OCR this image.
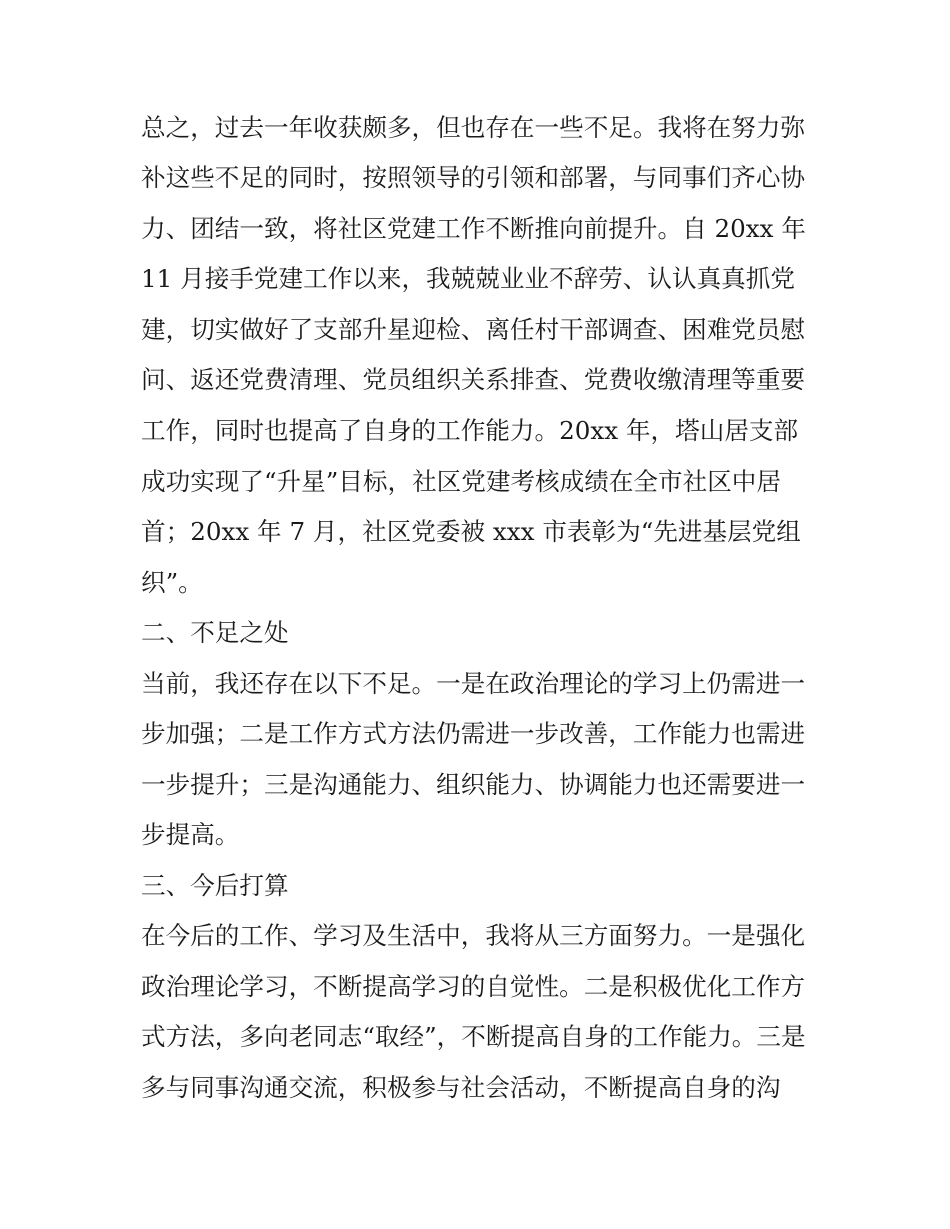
总之，过去一年收获颇多，但也存在一些不足。我将在努力弥
补这些不足的同时，按照领导的引领和部署，与同事们齐心协
力、团结一致，将社区党建工作不断推向前提升。自 20xx 年
11 月接手党建工作以来，我兢兢业业不辞劳、认认真真抓党
建，切实做好了支部升星迎检、离任村干部调查、困难党员慰
问、返还党费清理、党员组织关系排查、党费收缴清理等重要
工作，同时也提高了自身的工作能力。20xx 年，塔山居支部
成功实现了“升星”目标，社区党建考核成绩在全市社区中居
首；20xx 年 7 月，社区党委被 xxx 市表彰为“先进基层党组
织”。
二、不足之处
当前，我还存在以下不足。一是在政治理论的学习上仍需进一
步加强；二是工作方式方法仍需进一步改善，工作能力也需进
一步提升；三是沟通能力、组织能力、协调能力也还需要进一
步提高。
三、今后打算
在今后的工作、学习及生活中，我将从三方面努力。一是强化
政治理论学习，不断提高学习的自觉性。二是积极优化工作方
式方法，多向老同志“取经”，不断提高自身的工作能力。三是
多与同事沟通交流，积极参与社会活动，不断提高自身的沟
